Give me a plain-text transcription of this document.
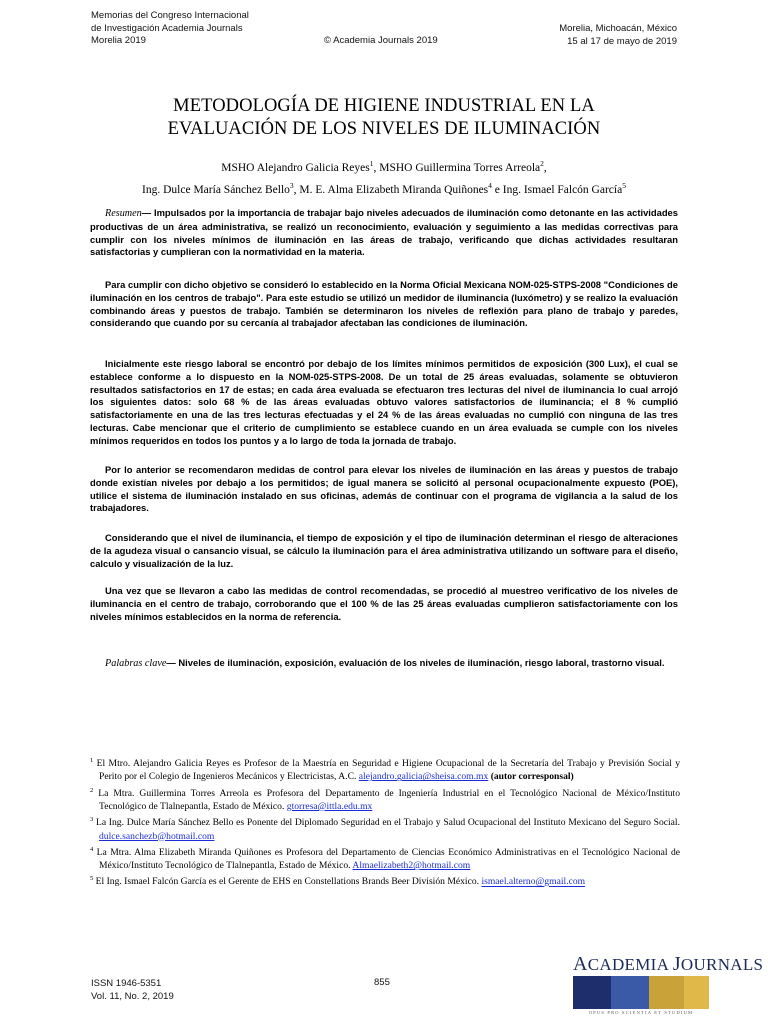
Memorias del Congreso Internacional
de Investigación Academia Journals
Morelia 2019	© Academia Journals 2019
Morelia, Michoacán, México
15 al 17 de mayo de 2019
METODOLOGÍA DE HIGIENE INDUSTRIAL EN LA
EVALUACIÓN DE LOS NIVELES DE ILUMINACIÓN
MSHO Alejandro Galicia Reyes$^1$, MSHO Guillermina Torres Arreola$^2$,
Ing. Dulce María Sánchez Bello$^3$, M. E. Alma Elizabeth Miranda Quiñones$^4$ e Ing. Ismael Falcón García$^5$

Resumen— Impulsados por la importancia de trabajar bajo niveles adecuados de iluminación como detonante en las actividades productivas de un área administrativa, se realizó un reconocimiento, evaluación y seguimiento a las medidas correctivas para cumplir con los niveles mínimos de iluminación en las áreas de trabajo, verificando que dichas actividades resultaran satisfactorias y cumplieran con la normatividad en la materia.

Para cumplir con dicho objetivo se consideró lo establecido en la Norma Oficial Mexicana NOM-025-STPS-2008 "Condiciones de iluminación en los centros de trabajo". Para este estudio se utilizó un medidor de iluminancia (luxómetro) y se realizo la evaluación combinando áreas y puestos de trabajo. También se determinaron los niveles de reflexión para plano de trabajo y paredes, considerando que cuando por su cercanía al trabajador afectaban las condiciones de iluminación.

Inicialmente este riesgo laboral se encontró por debajo de los límites mínimos permitidos de exposición (300 Lux), el cual se establece conforme a lo dispuesto en la NOM-025-STPS-2008. De un total de 25 áreas evaluadas, solamente se obtuvieron resultados satisfactorios en 17 de estas; en cada área evaluada se efectuaron tres lecturas del nivel de iluminancia lo cual arrojó los siguientes datos: solo 68 % de las áreas evaluadas obtuvo valores satisfactorios de iluminancia; el 8 % cumplió satisfactoriamente en una de las tres lecturas efectuadas y el 24 % de las áreas evaluadas no cumplió con ninguna de las tres lecturas. Cabe mencionar que el criterio de cumplimiento se establece cuando en un área evaluada se cumple con los niveles mínimos requeridos en todos los puntos y a lo largo de toda la jornada de trabajo.

Por lo anterior se recomendaron medidas de control para elevar los niveles de iluminación en las áreas y puestos de trabajo donde existían niveles por debajo a los permitidos; de igual manera se solicitó al personal ocupacionalmente expuesto (POE), utilice el sistema de iluminación instalado en sus oficinas, además de continuar con el programa de vigilancia a la salud de los trabajadores.

Considerando que el nivel de iluminancia, el tiempo de exposición y el tipo de iluminación determinan el riesgo de alteraciones de la agudeza visual o cansancio visual, se cálculo la iluminación para el área administrativa utilizando un software para el diseño, calculo y visualización de la luz.

Una vez que se llevaron a cabo las medidas de control recomendadas, se procedió al muestreo verificativo de los niveles de iluminancia en el centro de trabajo, corroborando que el 100 % de las 25 áreas evaluadas cumplieron satisfactoriamente con los niveles mínimos establecidos en la norma de referencia.

Palabras clave— Niveles de iluminación, exposición, evaluación de los niveles de iluminación, riesgo laboral, trastorno visual.

$^1$ El Mtro. Alejandro Galicia Reyes es Profesor de la Maestría en Seguridad e Higiene Ocupacional de la Secretaría del Trabajo y Previsión Social y Perito por el Colegio de Ingenieros Mecánicos y Electricistas, A.C. alejandro.galicia@sheisa.com.mx (autor corresponsal)

$^2$ La Mtra. Guillermina Torres Arreola es Profesora del Departamento de Ingeniería Industrial en el Tecnológico Nacional de México/Instituto Tecnológico de Tlalnepantla, Estado de México. gtorresa@ittla.edu.mx

$^3$ La Ing. Dulce María Sánchez Bello es Ponente del Diplomado Seguridad en el Trabajo y Salud Ocupacional del Instituto Mexicano del Seguro Social. dulce.sanchezb@hotmail.com

$^4$ La Mtra. Alma Elizabeth Miranda Quiñones es Profesora del Departamento de Ciencias Económico Administrativas en el Tecnológico Nacional de México/Instituto Tecnológico de Tlalnepantla, Estado de México. Almaelizabeth2@hotmail.com

$^5$ El Ing. Ismael Falcón García es el Gerente de EHS en Constellations Brands Beer División México. ismael.alterno@gmail.com

ISSN 1946-5351
Vol. 11, No. 2, 2019
855
ACADEMIA JOURNALS
OPUS PRO SCIENTIA ET STUDIUM
